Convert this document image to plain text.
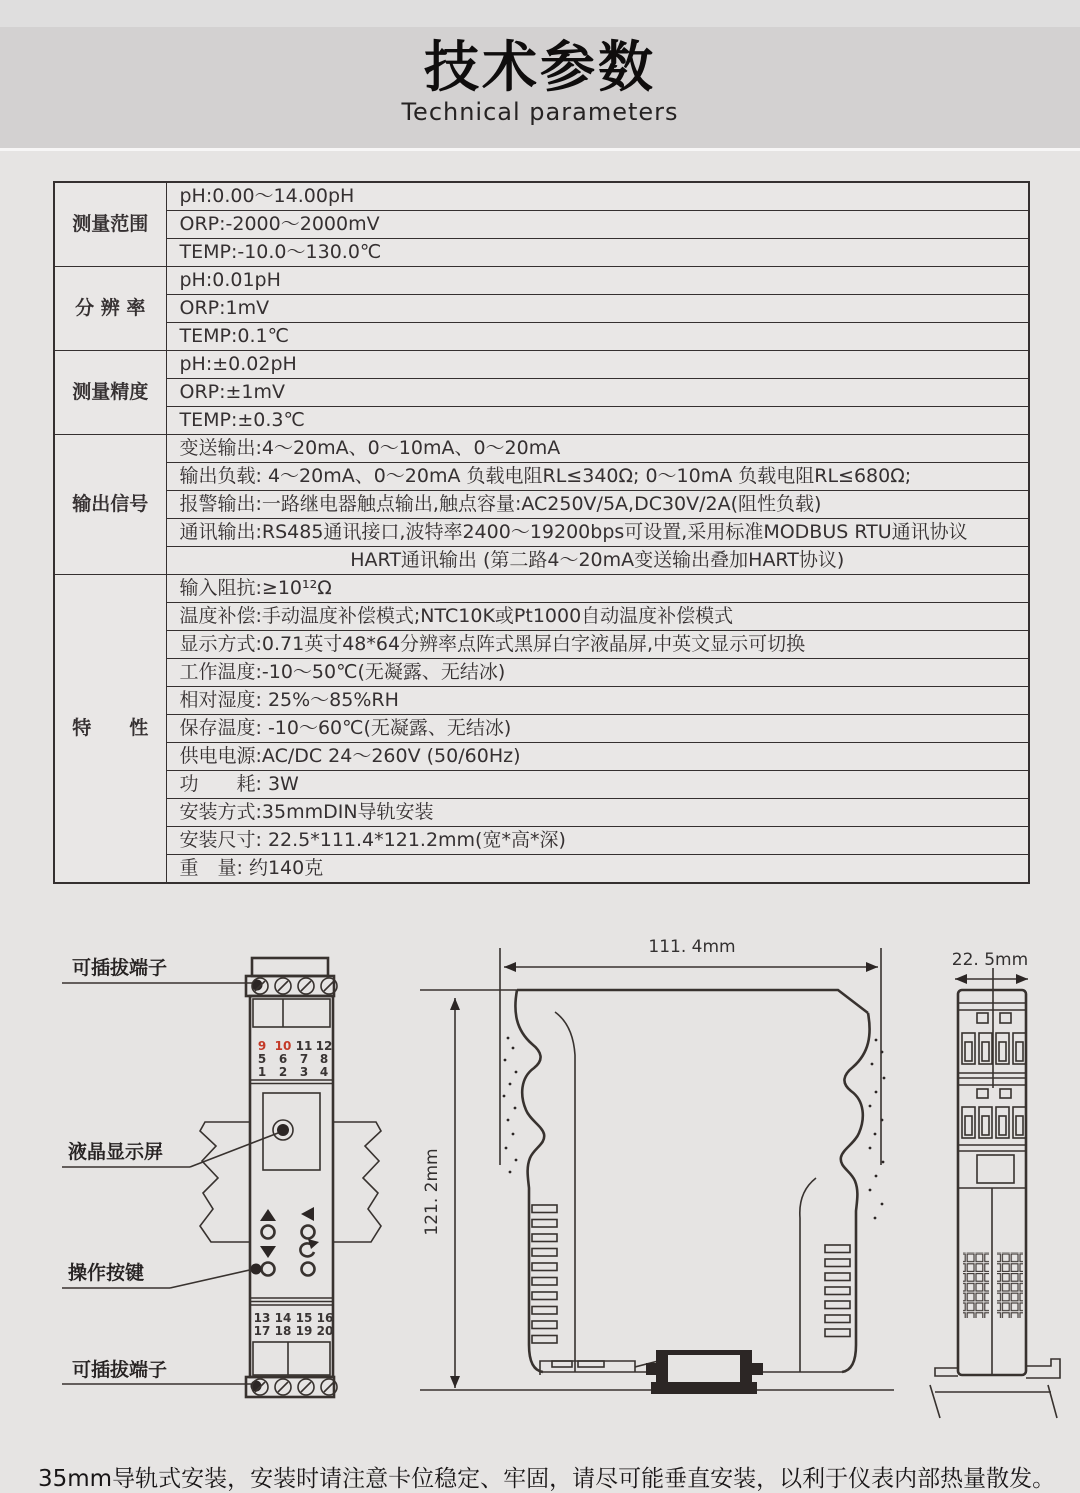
技术参数

Technical parameters

测量范围	pH:0.00～14.00pH
	ORP:-2000～2000mV
	TEMP:-10.0～130.0℃
分 辨 率	pH:0.01pH
	ORP:1mV
	TEMP:0.1℃
测量精度	pH:±0.02pH
	ORP:±1mV
	TEMP:±0.3℃
输出信号	变送输出:4～20mA、0～10mA、0～20mA
	输出负载: 4～20mA、0～20mA 负载电阻RL≤340Ω; 0～10mA 负载电阻RL≤680Ω;
	报警输出:一路继电器触点输出,触点容量:AC250V/5A,DC30V/2A(阻性负载)
	通讯输出:RS485通讯接口,波特率2400～19200bps可设置,采用标准MODBUS RTU通讯协议
	HART通讯输出 (第二路4～20mA变送输出叠加HART协议)
特　　性	输入阻抗:≥10¹²Ω
	温度补偿:手动温度补偿模式;NTC10K或Pt1000自动温度补偿模式
	显示方式:0.71英寸48*64分辨率点阵式黑屏白字液晶屏,中英文显示可切换
	工作温度:-10～50℃(无凝露、无结冰)
	相对湿度: 25%～85%RH
	保存温度: -10～60℃(无凝露、无结冰)
	供电电源:AC/DC 24～260V (50/60Hz)
	功　　耗: 3W
	安装方式:35mmDIN导轨安装
	安装尺寸: 22.5*111.4*121.2mm(宽*高*深)
	重　量: 约140克
可插拔端子
液晶显示屏
操作按键
可插拔端子
9 10 11 12
5 6 7 8
1 2 3 4
13 14 15 16
17 18 19 20
111. 4mm
121. 2mm
22. 5mm

35mm导轨式安装，安装时请注意卡位稳定、牢固，请尽可能垂直安装，以利于仪表内部热量散发。
